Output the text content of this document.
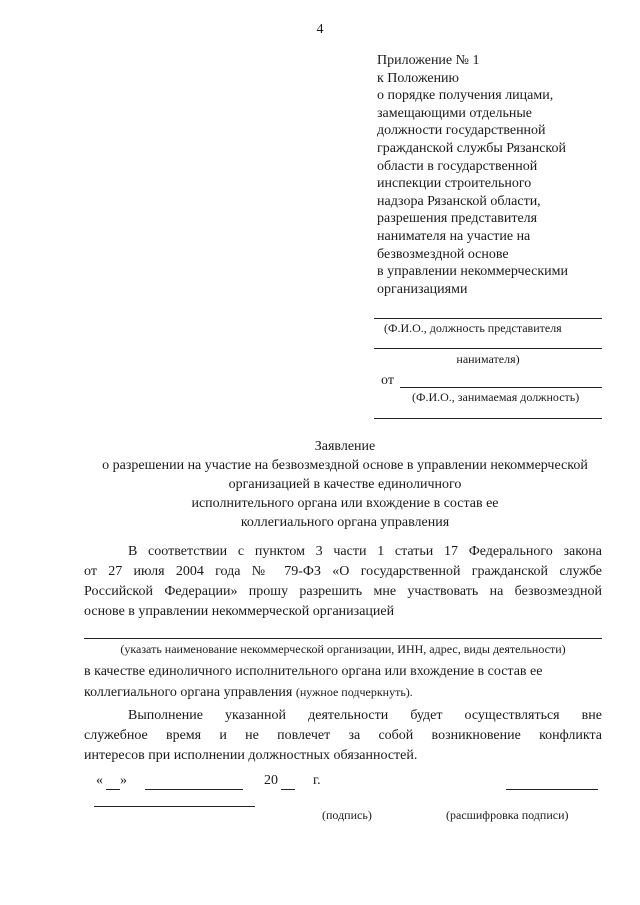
4
Приложение № 1
к Положению
о порядке получения лицами,
замещающими отдельные
должности государственной
гражданской службы Рязанской
области в государственной
инспекции строительного
надзора Рязанской области,
разрешения представителя
нанимателя на участие на
безвозмездной основе
в управлении некоммерческими
организациями
(Ф.И.О., должность представителя
нанимателя)
от
(Ф.И.О., занимаемая должность)
Заявление
о разрешении на участие на безвозмездной основе в управлении некоммерческой
организацией в качестве единоличного
исполнительного органа или вхождение в состав ее
коллегиального органа управления
В соответствии с пунктом 3 части 1 статьи 17 Федерального закона
от 27 июля 2004 года № 79-ФЗ «О государственной гражданской службе
Российской Федерации» прошу разрешить мне участвовать на безвозмездной
основе в управлении некоммерческой организацией
(указать наименование некоммерческой организации, ИНН, адрес, виды деятельности)
в качестве единоличного исполнительного органа или вхождение в состав ее
коллегиального органа управления (нужное подчеркнуть).
Выполнение указанной деятельности будет осуществляться вне
служебное время и не повлечет за собой возникновение конфликта
интересов при исполнении должностных обязанностей.
« »	20	г.
(подпись)	(расшифровка подписи)
